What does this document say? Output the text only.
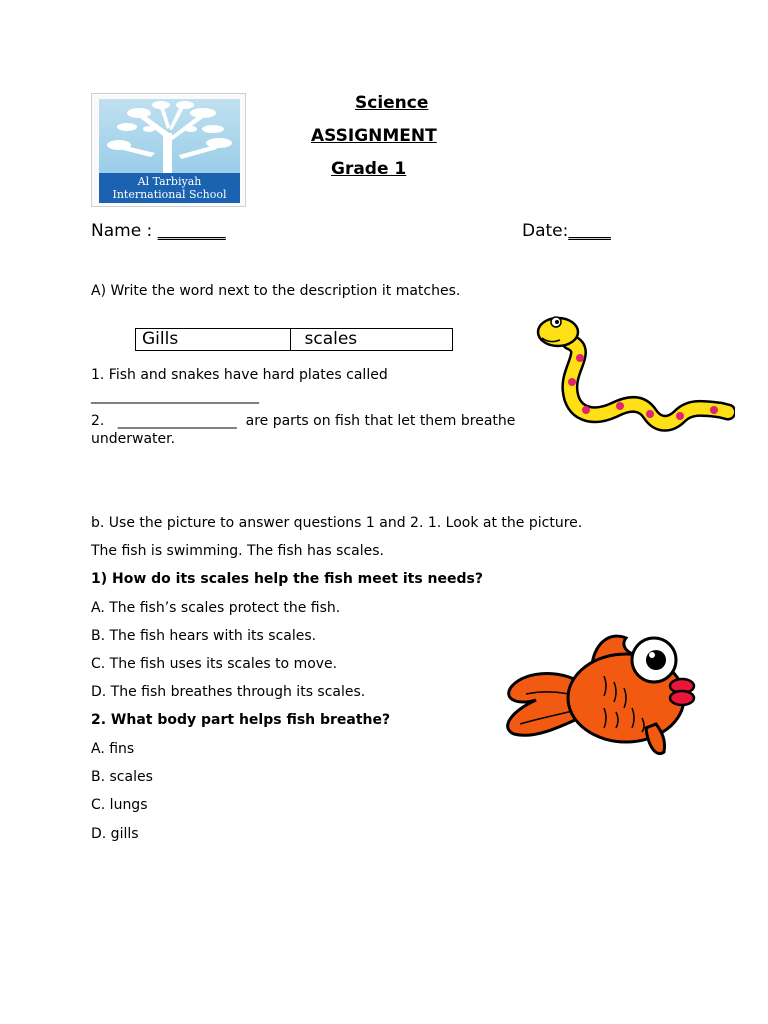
Al Tarbiyah
International School
Science
ASSIGNMENT
Grade 1
Name : ________	Date:_____
A) Write the word next to the description it matches.
Gills	scales
1. Fish and snakes have hard plates called
________________________
2. _________________ are parts on fish that let them breathe
underwater.
b. Use the picture to answer questions 1 and 2. 1. Look at the picture.
The fish is swimming. The fish has scales.
1) How do its scales help the fish meet its needs?
A. The fish’s scales protect the fish.
B. The fish hears with its scales.
C. The fish uses its scales to move.
D. The fish breathes through its scales.
2. What body part helps fish breathe?
A. fins
B. scales
C. lungs
D. gills
